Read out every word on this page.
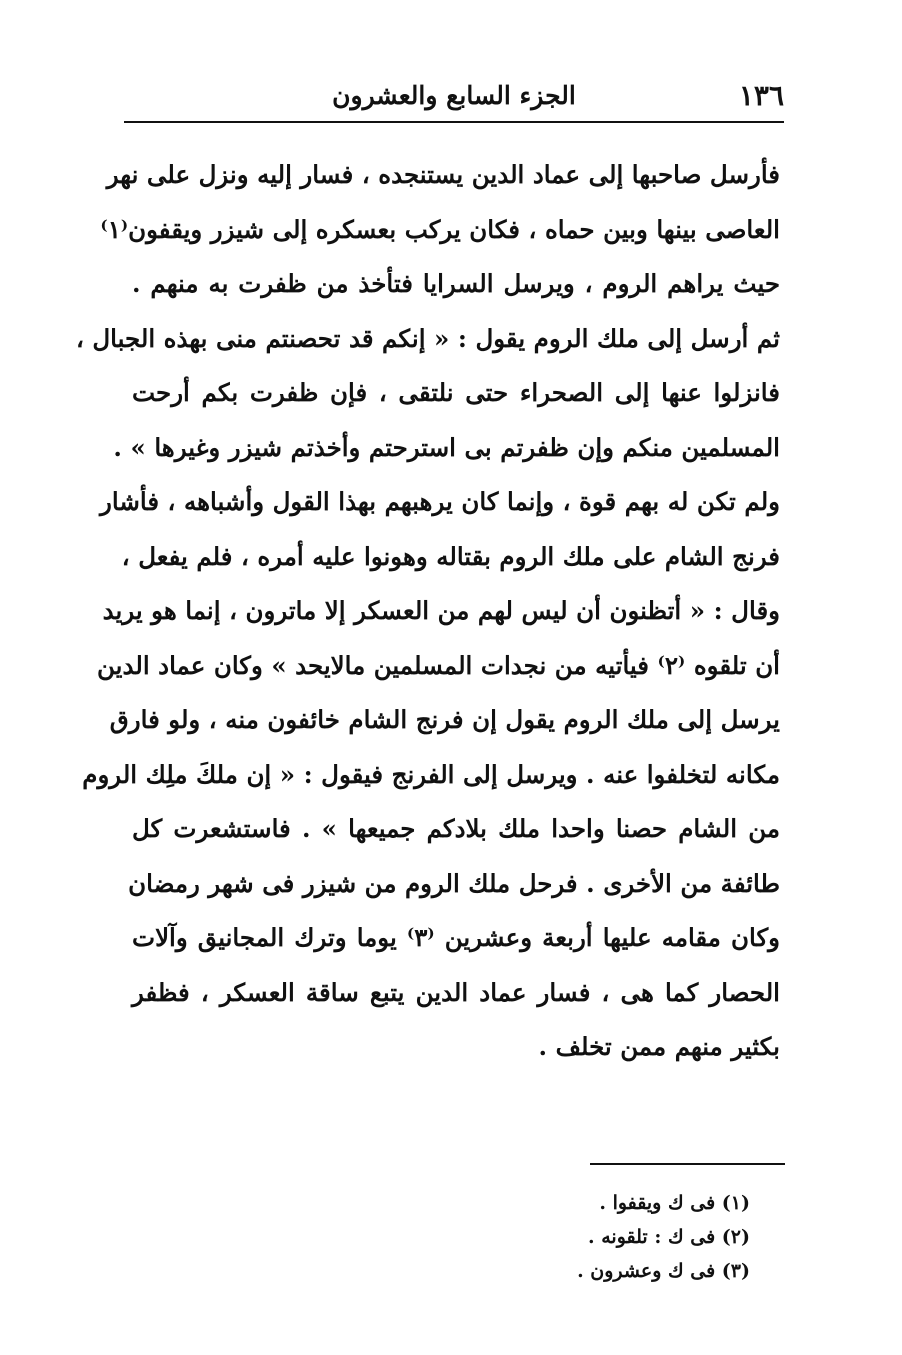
١٣٦
الجزء السابع والعشرون
فأرسل صاحبها إلى عماد الدين يستنجده ، فسار إليه ونزل على نهر
العاصى بينها وبين حماه ، فكان يركب بعسكره إلى شيزر ويقفون⁽١⁾
حيث يراهم الروم ، ويرسل السرايا فتأخذ من ظفرت به منهم .
ثم أرسل إلى ملك الروم يقول : « إنكم قد تحصنتم منى بهذه الجبال ،
فانزلوا عنها إلى الصحراء حتى نلتقى ، فإن ظفرت بكم أرحت
المسلمين منكم وإن ظفرتم بى استرحتم وأخذتم شيزر وغيرها » .
ولم تكن له بهم قوة ، وإنما كان يرهبهم بهذا القول وأشباهه ، فأشار
فرنج الشام على ملك الروم بقتاله وهونوا عليه أمره ، فلم يفعل ،
وقال : « أتظنون أن ليس لهم من العسكر إلا ماترون ، إنما هو يريد
أن تلقوه ⁽٢⁾ فيأتيه من نجدات المسلمين مالايحد » وكان عماد الدين
يرسل إلى ملك الروم يقول إن فرنج الشام خائفون منه ، ولو فارق
مكانه لتخلفوا عنه . ويرسل إلى الفرنج فيقول : « إن ملكَ ملِك الروم
من الشام حصنا واحدا ملك بلادكم جميعها » . فاستشعرت كل
طائفة من الأخرى . فرحل ملك الروم من شيزر فى شهر رمضان
وكان مقامه عليها أربعة وعشرين ⁽٣⁾ يوما وترك المجانيق وآلات
الحصار كما هى ، فسار عماد الدين يتبع ساقة العسكر ، فظفر
بكثير منهم ممن تخلف .
(١) فى ك ويقفوا .
(٢) فى ك : تلقونه .
(٣) فى ك وعشرون .
